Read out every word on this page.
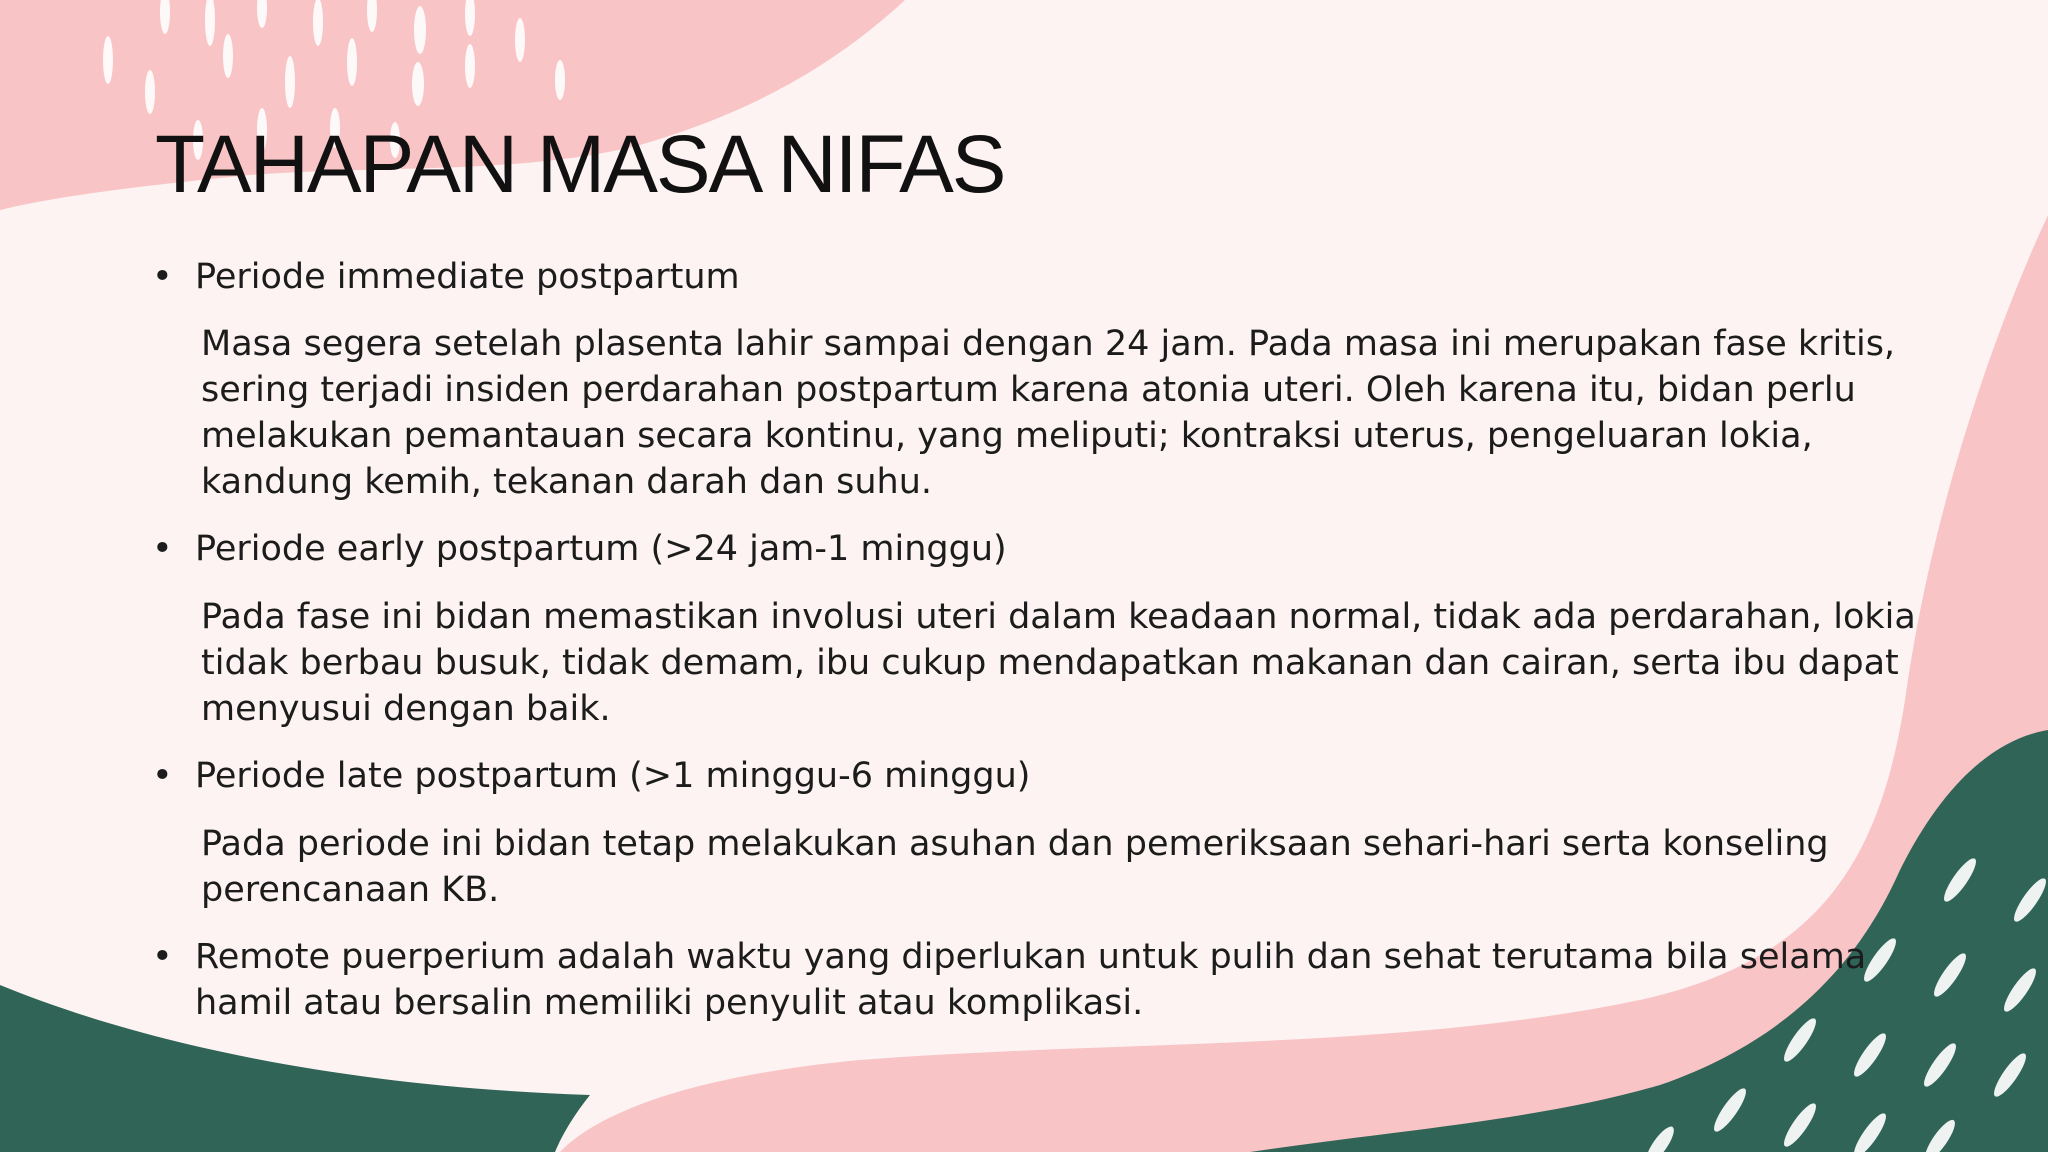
TAHAPAN MASA NIFAS
• Periode immediate postpartum
Masa segera setelah plasenta lahir sampai dengan 24 jam. Pada masa ini merupakan fase kritis,
sering terjadi insiden perdarahan postpartum karena atonia uteri. Oleh karena itu, bidan perlu
melakukan pemantauan secara kontinu, yang meliputi; kontraksi uterus, pengeluaran lokia,
kandung kemih, tekanan darah dan suhu.
• Periode early postpartum (>24 jam-1 minggu)
Pada fase ini bidan memastikan involusi uteri dalam keadaan normal, tidak ada perdarahan, lokia
tidak berbau busuk, tidak demam, ibu cukup mendapatkan makanan dan cairan, serta ibu dapat
menyusui dengan baik.
• Periode late postpartum (>1 minggu-6 minggu)
Pada periode ini bidan tetap melakukan asuhan dan pemeriksaan sehari-hari serta konseling
perencanaan KB.
• Remote puerperium adalah waktu yang diperlukan untuk pulih dan sehat terutama bila selama
hamil atau bersalin memiliki penyulit atau komplikasi.
